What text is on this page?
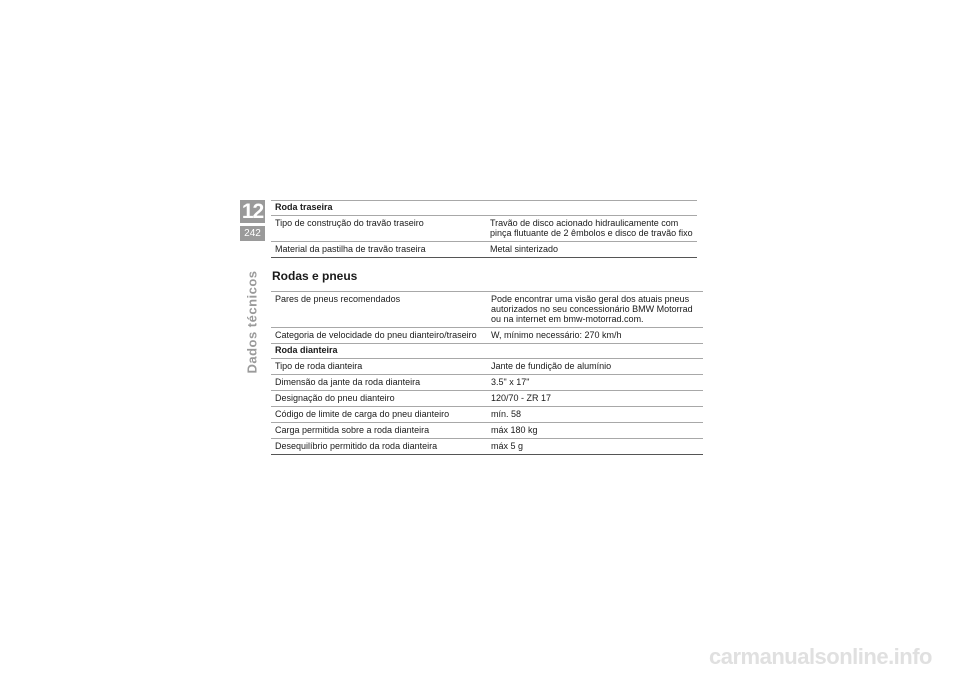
12
242
Dados técnicos
Roda traseira	
Tipo de construção do travão traseiro	Travão de disco acionado hidraulicamente com pinça flutuante de 2 êmbolos e disco de travão fixo
Material da pastilha de travão traseira	Metal sinterizado
Rodas e pneus
Pares de pneus recomendados	Pode encontrar uma visão geral dos atuais pneus autorizados no seu concessionário BMW Motorrad ou na internet em bmw-motorrad.com.
Categoria de velocidade do pneu dianteiro/traseiro	W, mínimo necessário: 270 km/h
Roda dianteira	
Tipo de roda dianteira	Jante de fundição de alumínio
Dimensão da jante da roda dianteira	3.5" x 17"
Designação do pneu dianteiro	120/70 - ZR 17
Código de limite de carga do pneu dianteiro	mín. 58
Carga permitida sobre a roda dianteira	máx 180 kg
Desequilíbrio permitido da roda dianteira	máx 5 g
carmanualsonline.info
